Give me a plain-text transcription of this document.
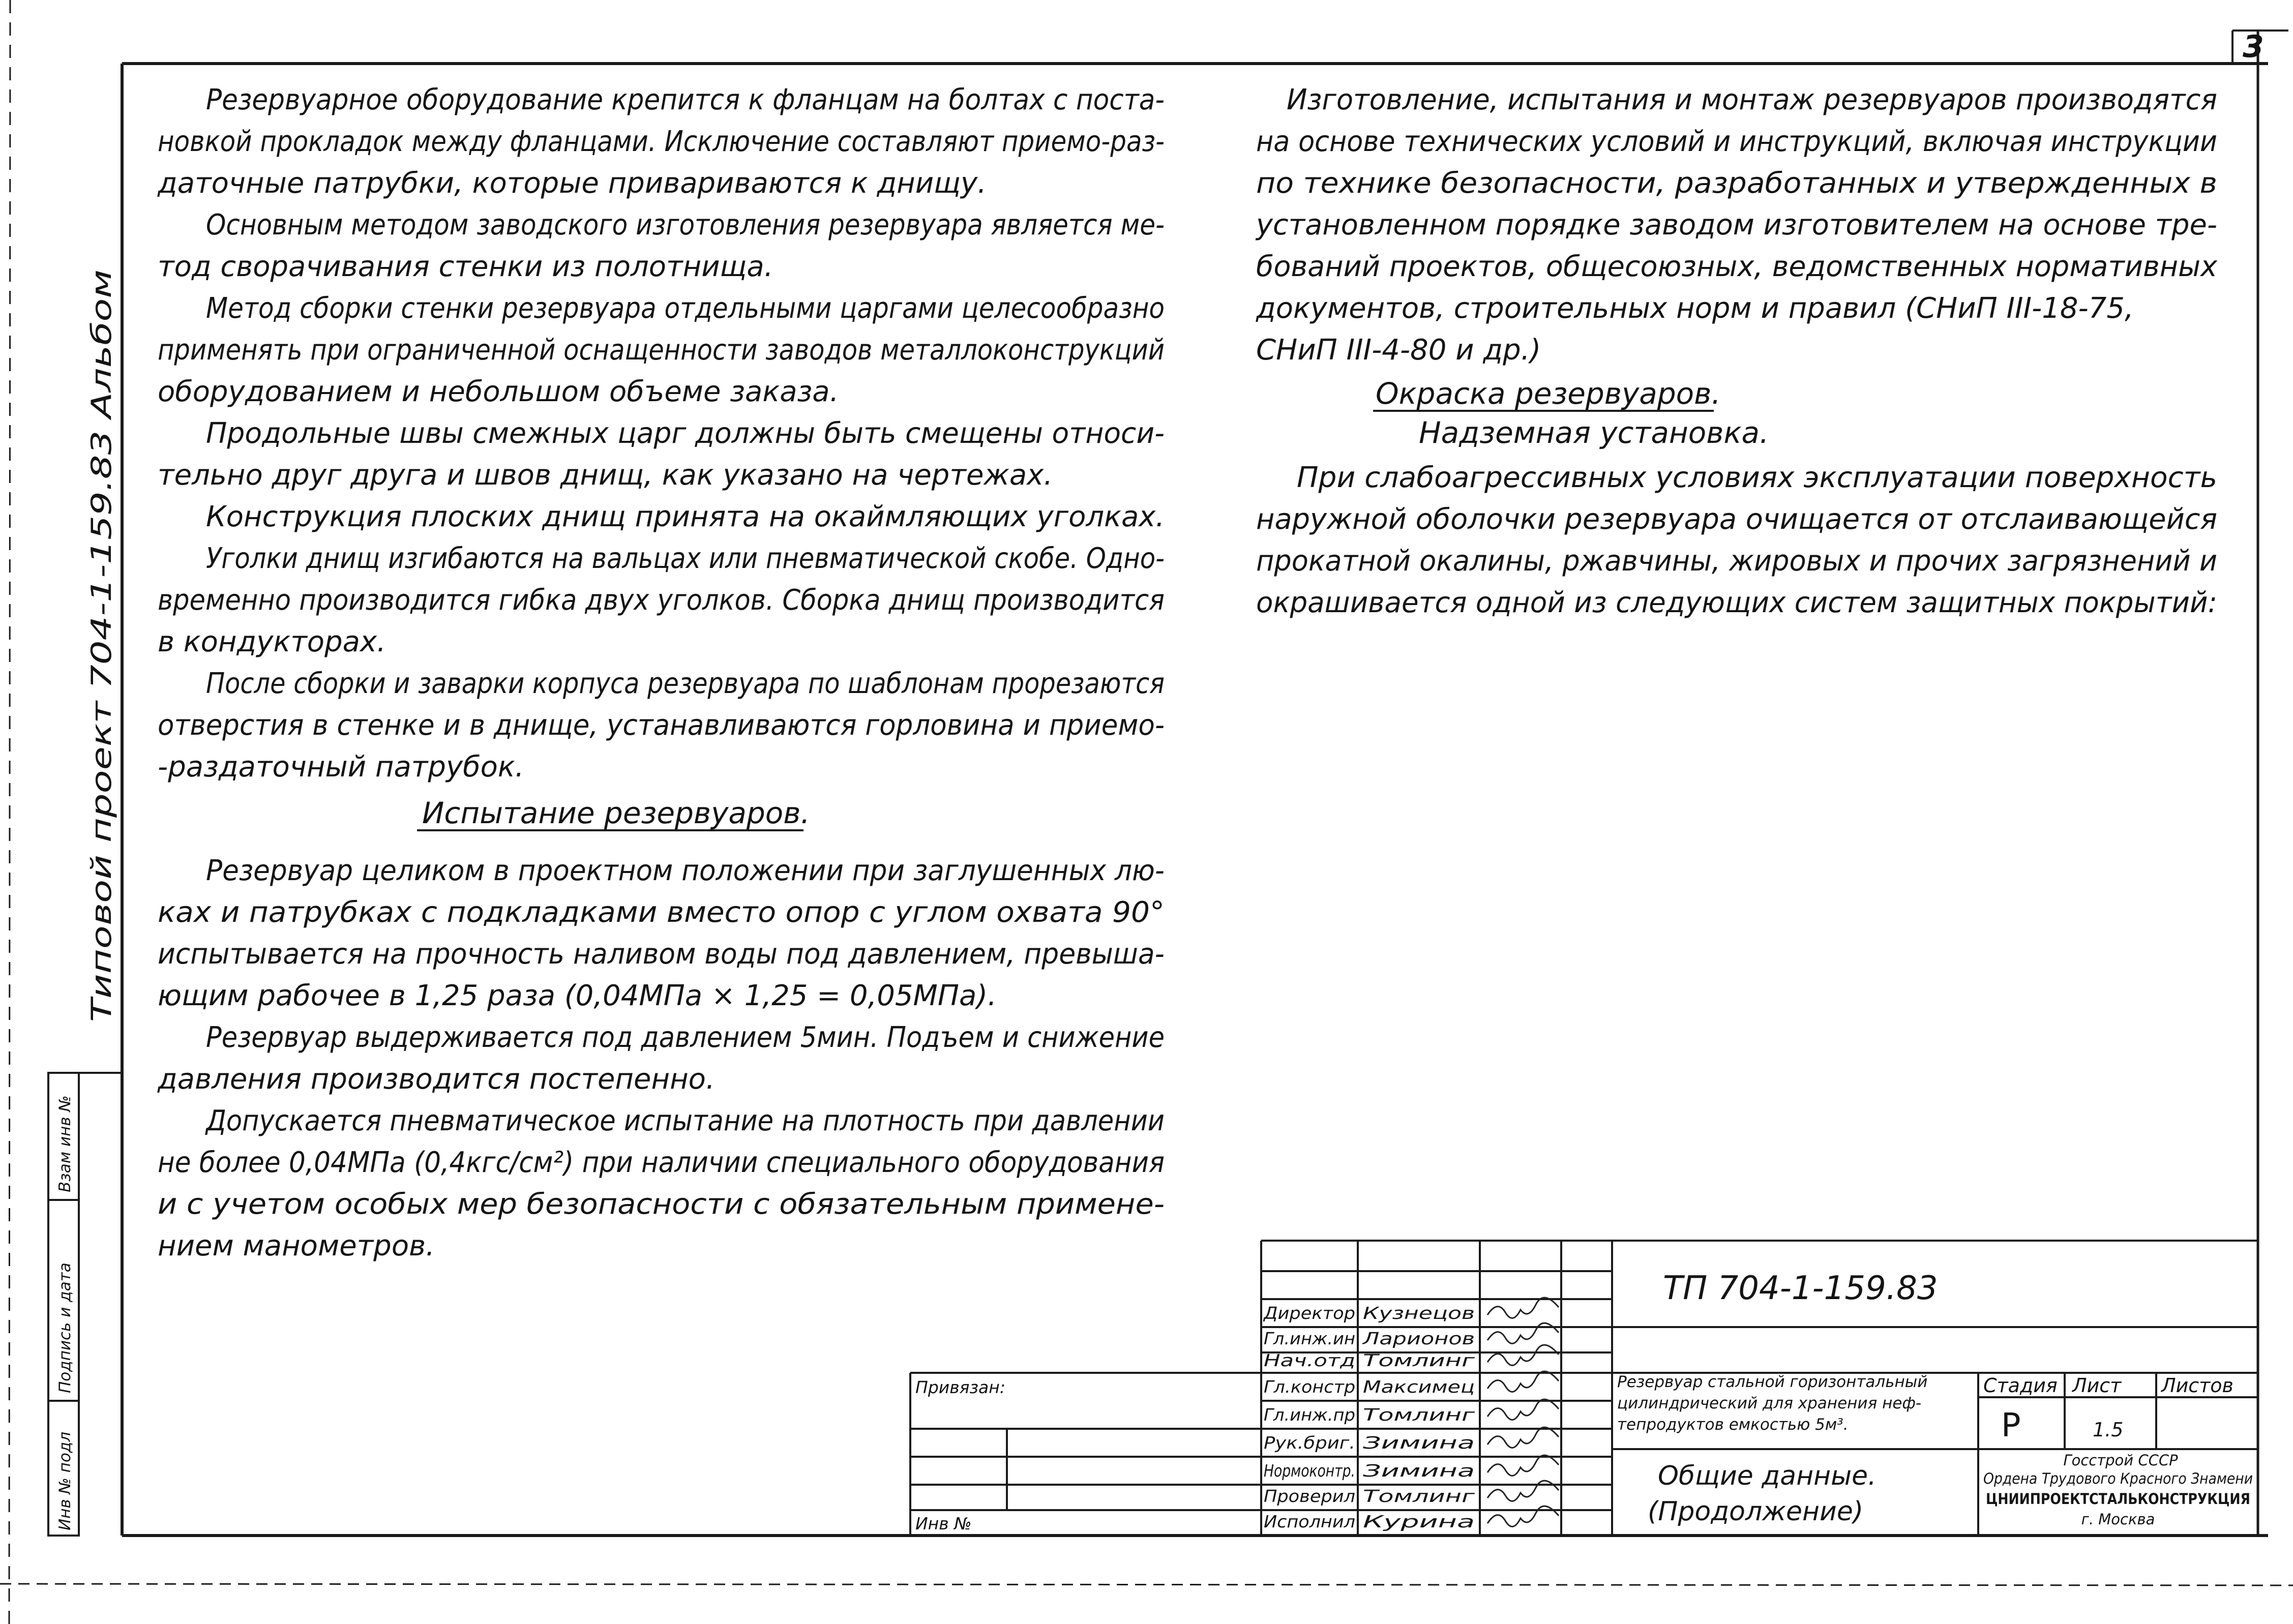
3
Типовой проект 704-1-159.83 Альбом
Инв № подл
Подпись и дата
Взам инв №
Резервуарное оборудование крепится к фланцам на болтах с поста-
новкой прокладок между фланцами. Исключение составляют приемо-раз-
даточные патрубки, которые привариваются к днищу.
Основным методом заводского изготовления резервуара является ме-
тод сворачивания стенки из полотнища.
Метод сборки стенки резервуара отдельными царгами целесообразно
применять при ограниченной оснащенности заводов металлоконструкций
оборудованием и небольшом объеме заказа.
Продольные швы смежных царг должны быть смещены относи-
тельно друг друга и швов днищ, как указано на чертежах.
Конструкция плоских днищ принята на окаймляющих уголках.
Уголки днищ изгибаются на вальцах или пневматической скобе. Одно-
временно производится гибка двух уголков. Сборка днищ производится
в кондукторах.
После сборки и заварки корпуса резервуара по шаблонам прорезаются
отверстия в стенке и в днище, устанавливаются горловина и приемо-
-раздаточный патрубок.
Испытание резервуаров.
Резервуар целиком в проектном положении при заглушенных лю-
ках и патрубках с подкладками вместо опор с углом охвата 90°
испытывается на прочность наливом воды под давлением, превыша-
ющим рабочее в 1,25 раза (0,04МПа × 1,25 = 0,05МПа).
Резервуар выдерживается под давлением 5мин. Подъем и снижение
давления производится постепенно.
Допускается пневматическое испытание на плотность при давлении
не более 0,04МПа (0,4кгс/см²) при наличии специального оборудования
и с учетом особых мер безопасности с обязательным примене-
нием манометров.
Изготовление, испытания и монтаж резервуаров производятся
на основе технических условий и инструкций, включая инструкции
по технике безопасности, разработанных и утвержденных в
установленном порядке заводом изготовителем на основе тре-
бований проектов, общесоюзных, ведомственных нормативных
документов, строительных норм и правил (СНиП III-18-75,
СНиП III-4-80 и др.)
Окраска резервуаров.
Надземная установка.
При слабоагрессивных условиях эксплуатации поверхность
наружной оболочки резервуара очищается от отслаивающейся
прокатной окалины, ржавчины, жировых и прочих загрязнений и
окрашивается одной из следующих систем защитных покрытий:
ТП 704-1-159.83
Привязан:
Инв №
Директор Кузнецов
Гл.инж.ин Ларионов
Нач.отд Томлинг
Гл.констр Максимец
Гл.инж.пр Томлинг
Рук.бриг. Зимина
Нормоконтр. Зимина
Проверил Томлинг
Исполнил Курина
Резервуар стальной горизонтальный
цилиндрический для хранения неф-
тепродуктов емкостью 5м³.
Общие данные.
(Продолжение)
Стадия Лист Листов
Р	1.5
Госстрой СССР
Ордена Трудового Красного Знамени
ЦНИИПРОЕКТСТАЛЬКОНСТРУКЦИЯ
г. Москва
